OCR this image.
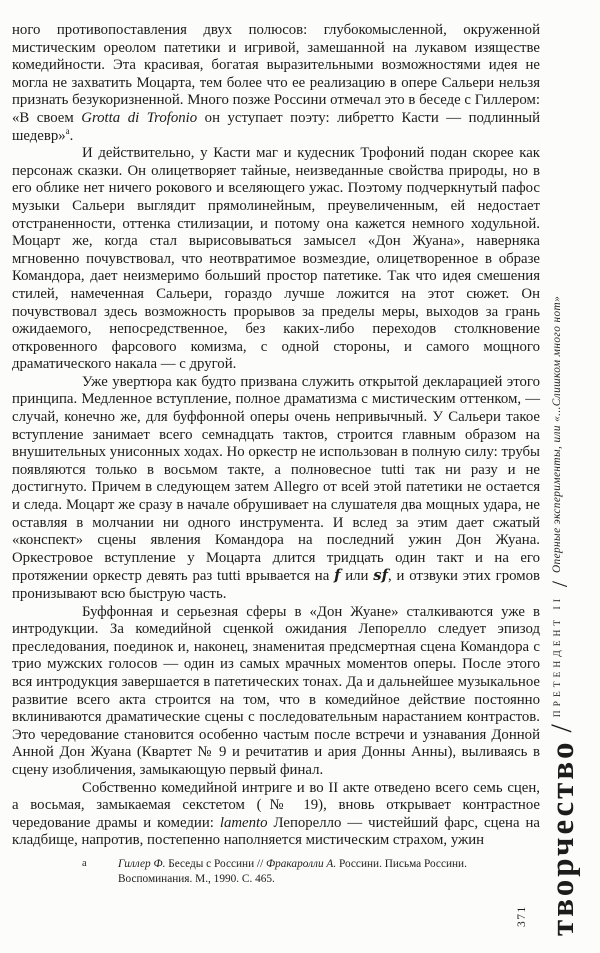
ного противопоставления двух полюсов: глубокомысленной, окруженной мистическим ореолом патетики и игривой, замешанной на лукавом изяществе комедийности. Эта красивая, богатая выразительными возможностями идея не могла не захватить Моцарта, тем более что ее реализацию в опере Сальери нельзя признать безукоризненной. Много позже Россини отмечал это в беседе с Гиллером: «В своем Grotta di Trofonio он уступает поэту: либретто Касти — подлинный шедевр»$^а$.

И действительно, у Касти маг и кудесник Трофоний подан скорее как персонаж сказки. Он олицетворяет тайные, неизведанные свойства природы, но в его облике нет ничего рокового и вселяющего ужас. Поэтому подчеркнутый пафос музыки Сальери выглядит прямолинейным, преувеличенным, ей недостает отстраненности, оттенка стилизации, и потому она кажется немного ходульной. Моцарт же, когда стал вырисовываться замысел «Дон Жуана», наверняка мгновенно почувствовал, что неотвратимое возмездие, олицетворенное в образе Командора, дает неизмеримо больший простор патетике. Так что идея смешения стилей, намеченная Сальери, гораздо лучше ложится на этот сюжет. Он почувствовал здесь возможность прорывов за пределы меры, выходов за грань ожидаемого, непосредственное, без каких-либо переходов столкновение откровенного фарсового комизма, с одной стороны, и самого мощного драматического накала — с другой.

Уже увертюра как будто призвана служить открытой декларацией этого принципа. Медленное вступление, полное драматизма с мистическим оттенком, — случай, конечно же, для буффонной оперы очень непривычный. У Сальери такое вступление занимает всего семнадцать тактов, строится главным образом на внушительных унисонных ходах. Но оркестр не использован в полную силу: трубы появляются только в восьмом такте, а полновесное tutti так ни разу и не достигнуто. Причем в следующем затем Allegro от всей этой патетики не остается и следа. Моцарт же сразу в начале обрушивает на слушателя два мощных удара, не оставляя в молчании ни одного инструмента. И вслед за этим дает сжатый «конспект» сцены явления Командора на последний ужин Дон Жуана. Оркестровое вступление у Моцарта длится тридцать один такт и на его протяжении оркестр девять раз tutti врывается на f или sf, и отзвуки этих громов пронизывают всю быструю часть.

Буффонная и серьезная сферы в «Дон Жуане» сталкиваются уже в интродукции. За комедийной сценкой ожидания Лепорелло следует эпизод преследования, поединок и, наконец, знаменитая предсмертная сцена Командора с трио мужских голосов — один из самых мрачных моментов оперы. После этого вся интродукция завершается в патетических тонах. Да и дальнейшее музыкальное развитие всего акта строится на том, что в комедийное действие постоянно вклиниваются драматические сцены с последовательным нарастанием контрастов. Это чередование становится особенно частым после встречи и узнавания Донной Анной Дон Жуана (Квартет № 9 и речитатив и ария Донны Анны), выливаясь в сцену изобличения, замыкающую первый финал.

Собственно комедийной интриге и во II акте отведено всего семь сцен, а восьмая, замыкаемая секстетом (№ 19), вновь открывает контрастное чередование драмы и комедии: lamento Лепорелло — чистейший фарс, сцена на кладбище, напротив, постепенно наполняется мистическим страхом, ужин

а	Гиллер Ф. Беседы с Россини // Фракаролли А. Россини. Письма Россини. Воспоминания. М., 1990. С. 465.	творчество
/
ПРЕТЕНДЕНТ II
/
Оперные эксперименты, или «...Слишком много нот»
371
